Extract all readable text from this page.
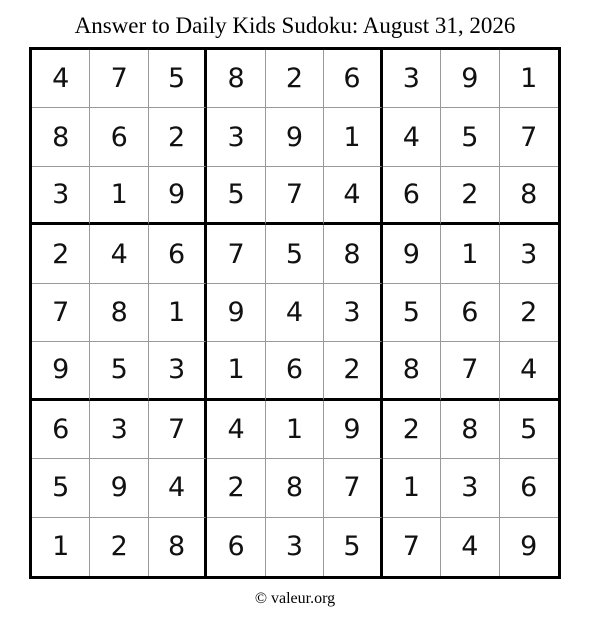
Answer to Daily Kids Sudoku: August 31, 2026
4	7	5	8	2	6	3	9	1
8	6	2	3	9	1	4	5	7
3	1	9	5	7	4	6	2	8
2	4	6	7	5	8	9	1	3
7	8	1	9	4	3	5	6	2
9	5	3	1	6	2	8	7	4
6	3	7	4	1	9	2	8	5
5	9	4	2	8	7	1	3	6
1	2	8	6	3	5	7	4	9
© valeur.org
